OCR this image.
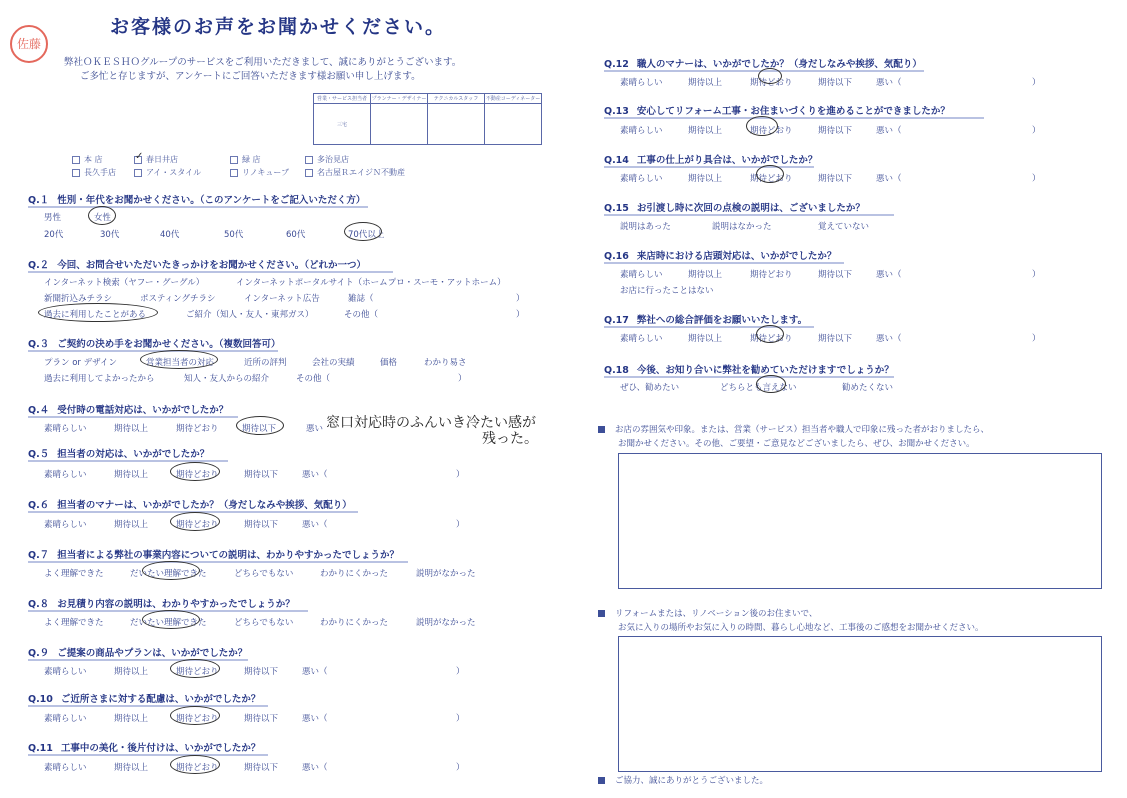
佐藤
お客様のお声をお聞かせください。
弊社ＯＫＥＳＨＯグループのサービスをご利用いただきまして、誠にありがとうございます。
ご多忙と存じますが、アンケートにご回答いただきます様お願い申し上げます。
営業・サービス担当者	プランナー・デザイナー	テクニカルスタッフ	不動産コーディネーター
三宅			
本 店	✓ 春日井店	緑 店	多治見店
長久手店	アイ・スタイル	リノキューブ	名古屋ＲエイジＮ不動産
Q.１ 性別・年代をお聞かせください。（このアンケートをご記入いただく方）
男性	女性
20代	30代	40代	50代	60代	70代以上
Q.２ 今回、お問合せいただいたきっかけをお聞かせください。（どれか一つ）
インターネット検索（ヤフー・グーグル）	インターネットポータルサイト（ホームプロ・スーモ・アットホーム）
新聞折込みチラシ	ポスティングチラシ	インターネット広告	雑誌（	）
過去に利用したことがある	ご紹介（知人・友人・東邦ガス）	その他（	）
Q.３ ご契約の決め手をお聞かせください。（複数回答可）
プラン or デザイン	営業担当者の対応	近所の評判	会社の実績	価格	わかり易さ
過去に利用してよかったから	知人・友人からの紹介	その他（	）
Q.４ 受付時の電話対応は、いかがでしたか？
素晴らしい	期待以上	期待どおり	期待以下	悪い 窓口対応時のふんいき冷たい感が
残った。
Q.５ 担当者の対応は、いかがでしたか？
素晴らしい	期待以上	期待どおり	期待以下	悪い（	）
Q.６ 担当者のマナーは、いかがでしたか？（身だしなみや挨拶、気配り）
素晴らしい	期待以上	期待どおり	期待以下	悪い（	）
Q.７ 担当者による弊社の事業内容についての説明は、わかりやすかったでしょうか？
よく理解できた	だいたい理解できた	どちらでもない	わかりにくかった	説明がなかった
Q.８ お見積り内容の説明は、わかりやすかったでしょうか？
よく理解できた	だいたい理解できた	どちらでもない	わかりにくかった	説明がなかった
Q.９ ご提案の商品やプランは、いかがでしたか？
素晴らしい	期待以上	期待どおり	期待以下	悪い（	）
Q.10 ご近所さまに対する配慮は、いかがでしたか？
素晴らしい	期待以上	期待どおり	期待以下	悪い（	）
Q.11 工事中の美化・後片付けは、いかがでしたか？
素晴らしい	期待以上	期待どおり	期待以下	悪い（	）
Q.12 職人のマナーは、いかがでしたか？（身だしなみや挨拶、気配り）
素晴らしい	期待以上	期待どおり	期待以下	悪い（	）
Q.13 安心してリフォーム工事・お住まいづくりを進めることができましたか？
素晴らしい	期待以上	期待どおり	期待以下	悪い（	）
Q.14 工事の仕上がり具合は、いかがでしたか？
素晴らしい	期待以上	期待どおり	期待以下	悪い（	）
Q.15 お引渡し時に次回の点検の説明は、ございましたか？
説明はあった	説明はなかった	覚えていない
Q.16 来店時における店頭対応は、いかがでしたか？
素晴らしい	期待以上	期待どおり	期待以下	悪い（	）
お店に行ったことはない
Q.17 弊社への総合評価をお願いいたします。
素晴らしい	期待以上	期待どおり	期待以下	悪い（	）
Q.18 今後、お知り合いに弊社を勧めていただけますでしょうか？
ぜひ、勧めたい	どちらとも言えない	勧めたくない
お店の雰囲気や印象。または、営業（サービス）担当者や職人で印象に残った者がおりましたら、
お聞かせください。その他、ご要望・ご意見などございましたら、ぜひ、お聞かせください。
リフォームまたは、リノベーション後のお住まいで、
お気に入りの場所やお気に入りの時間、暮らし心地など、工事後のご感想をお聞かせください。
ご協力、誠にありがとうございました。
